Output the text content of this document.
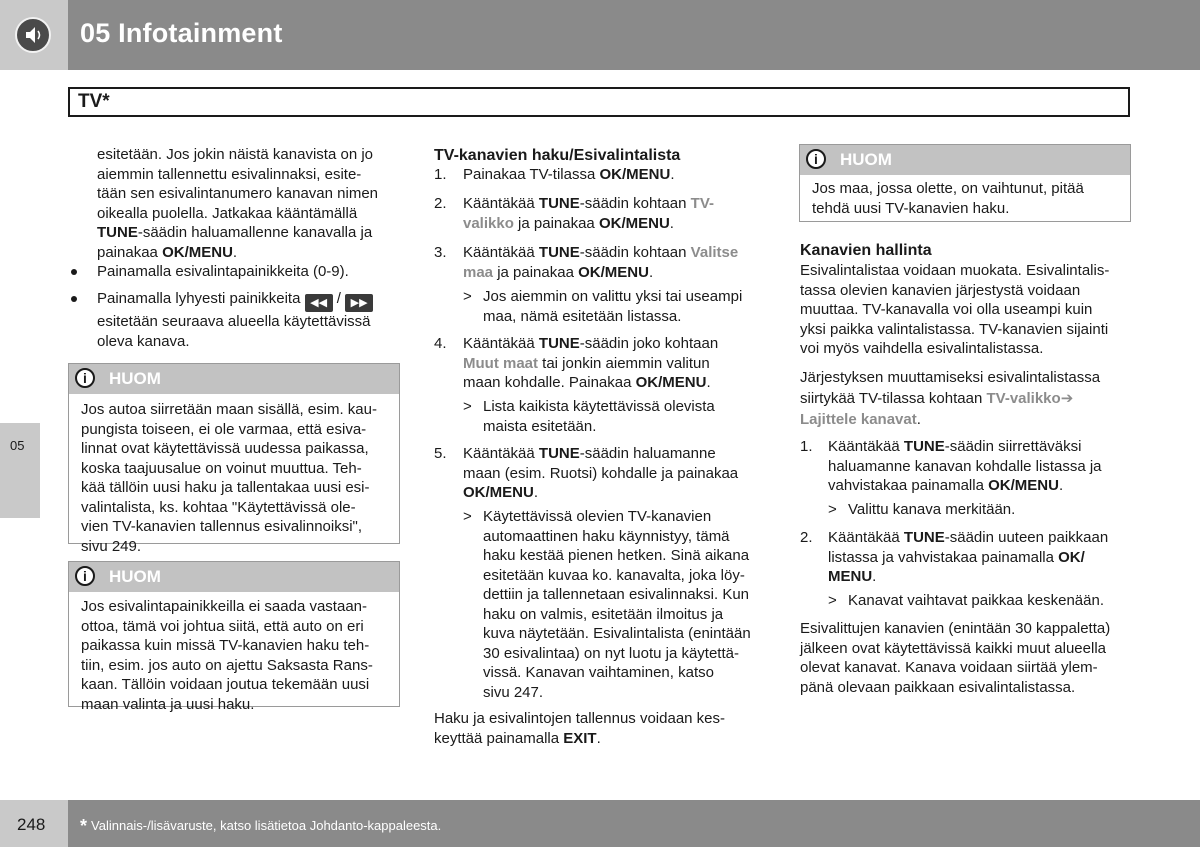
05 Infotainment
TV*
05

esitetään. Jos jokin näistä kanavista on jo

aiemmin tallennettu esivalinnaksi, esite-

tään sen esivalintanumero kanavan nimen

oikealla puolella. Jatkakaa kääntämällä

TUNE-säädin haluamallenne kanavalla ja

painakaa OK/MENU.

Painamalla esivalintapainikkeita (0-9).
Painamalla lyhyesti painikkeita ◀◀ / ▶▶
esitetään seuraava alueella käytettävissä
oleva kanava.
i	HUOM
Jos autoa siirretään maan sisällä, esim. kau-
pungista toiseen, ei ole varmaa, että esiva-
linnat ovat käytettävissä uudessa paikassa,
koska taajuusalue on voinut muuttua. Teh-
kää tällöin uusi haku ja tallentakaa uusi esi-
valintalista, ks. kohtaa "Käytettävissä ole-
vien TV-kanavien tallennus esivalinnoiksi",
sivu 249.
i	HUOM
Jos esivalintapainikkeilla ei saada vastaan-
ottoa, tämä voi johtua siitä, että auto on eri
paikassa kuin missä TV-kanavien haku teh-
tiin, esim. jos auto on ajettu Saksasta Rans-
kaan. Tällöin voidaan joutua tekemään uusi
maan valinta ja uusi haku.
TV-kanavien haku/Esivalintalista
1. Painakaa TV-tilassa OK/MENU.
2. Kääntäkää TUNE-säädin kohtaan TV-
valikko ja painakaa OK/MENU.
3. Kääntäkää TUNE-säädin kohtaan Valitse
maa ja painakaa OK/MENU.
> Jos aiemmin on valittu yksi tai useampi
maa, nämä esitetään listassa.
4. Kääntäkää TUNE-säädin joko kohtaan
Muut maat tai jonkin aiemmin valitun
maan kohdalle. Painakaa OK/MENU.
> Lista kaikista käytettävissä olevista
maista esitetään.
5. Kääntäkää TUNE-säädin haluamanne
maan (esim. Ruotsi) kohdalle ja painakaa
OK/MENU.
> Käytettävissä olevien TV-kanavien
automaattinen haku käynnistyy, tämä
haku kestää pienen hetken. Sinä aikana
esitetään kuvaa ko. kanavalta, joka löy-
dettiin ja tallennetaan esivalinnaksi. Kun
haku on valmis, esitetään ilmoitus ja
kuva näytetään. Esivalintalista (enintään
30 esivalintaa) on nyt luotu ja käytettä-
vissä. Kanavan vaihtaminen, katso
sivu 247.
Haku ja esivalintojen tallennus voidaan kes-
keyttää painamalla EXIT.
i	HUOM
Jos maa, jossa olette, on vaihtunut, pitää
tehdä uusi TV-kanavien haku.
Kanavien hallinta
Esivalintalistaa voidaan muokata. Esivalintalis-
tassa olevien kanavien järjestystä voidaan
muuttaa. TV-kanavalla voi olla useampi kuin
yksi paikka valintalistassa. TV-kanavien sijainti
voi myös vaihdella esivalintalistassa.
Järjestyksen muuttamiseksi esivalintalistassa
siirtykää TV-tilassa kohtaan TV-valikko➔
Lajittele kanavat.
1. Kääntäkää TUNE-säädin siirrettäväksi
haluamanne kanavan kohdalle listassa ja
vahvistakaa painamalla OK/MENU.
> Valittu kanava merkitään.
2. Kääntäkää TUNE-säädin uuteen paikkaan
listassa ja vahvistakaa painamalla OK/
MENU.
> Kanavat vaihtavat paikkaa keskenään.
Esivalittujen kanavien (enintään 30 kappaletta)
jälkeen ovat käytettävissä kaikki muut alueella
olevat kanavat. Kanava voidaan siirtää ylem-
pänä olevaan paikkaan esivalintalistassa.
248 * Valinnais-/lisävaruste, katso lisätietoa Johdanto-kappaleesta.
